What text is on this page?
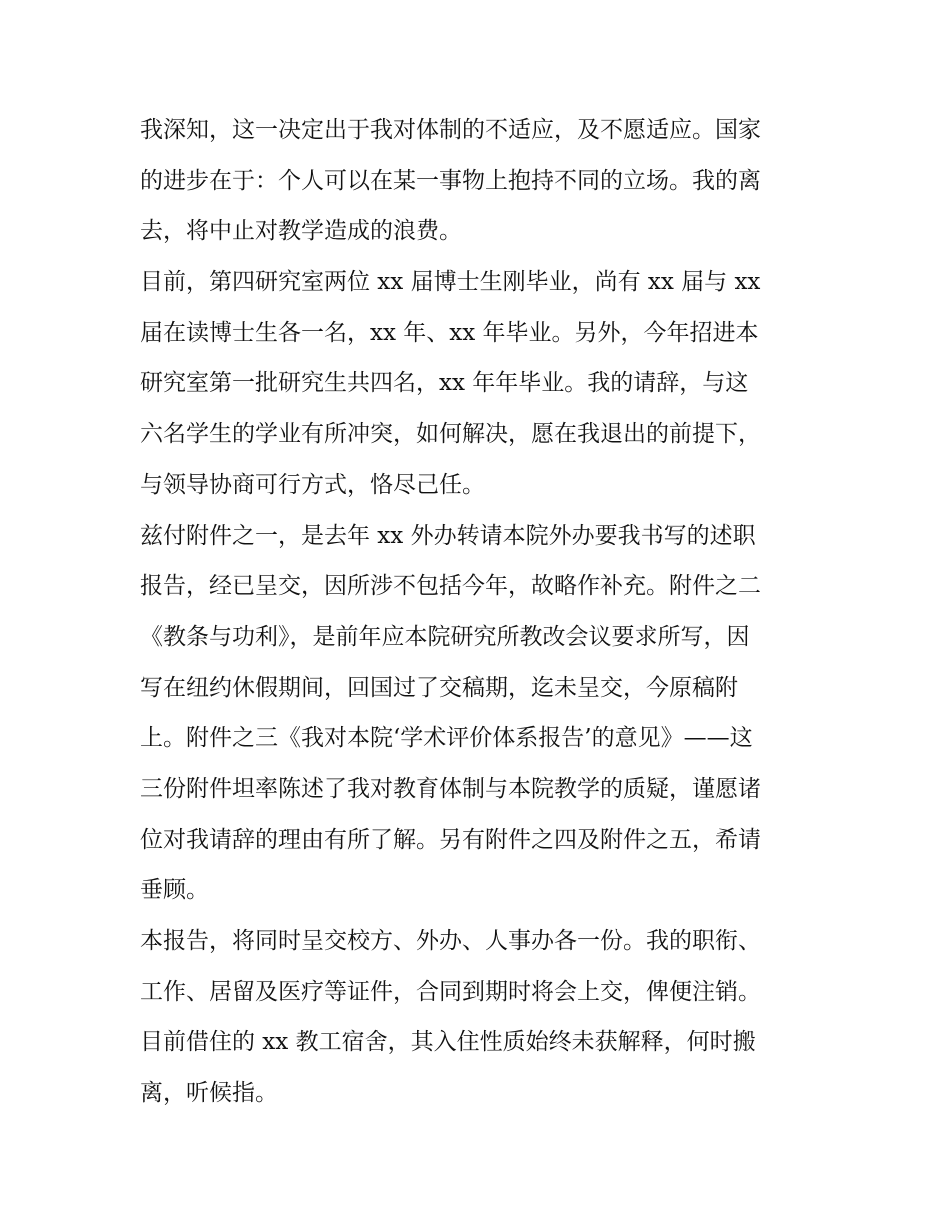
我深知，这一决定出于我对体制的不适应，及不愿适应。国家
的进步在于：个人可以在某一事物上抱持不同的立场。我的离
去，将中止对教学造成的浪费。
目前，第四研究室两位 xx 届博士生刚毕业，尚有 xx 届与 xx
届在读博士生各一名，xx 年、xx 年毕业。另外，今年招进本
研究室第一批研究生共四名，xx 年年毕业。我的请辞，与这
六名学生的学业有所冲突，如何解决，愿在我退出的前提下，
与领导协商可行方式，恪尽己任。
兹付附件之一，是去年 xx 外办转请本院外办要我书写的述职
报告，经已呈交，因所涉不包括今年，故略作补充。附件之二
《教条与功利》，是前年应本院研究所教改会议要求所写，因
写在纽约休假期间，回国过了交稿期，迄未呈交，今原稿附
上。附件之三《我对本院‘学术评价体系报告’的意见》——这
三份附件坦率陈述了我对教育体制与本院教学的质疑，谨愿诸
位对我请辞的理由有所了解。另有附件之四及附件之五，希请
垂顾。
本报告，将同时呈交校方、外办、人事办各一份。我的职衔、
工作、居留及医疗等证件，合同到期时将会上交，俾便注销。
目前借住的 xx 教工宿舍，其入住性质始终未获解释，何时搬
离，听候指。
